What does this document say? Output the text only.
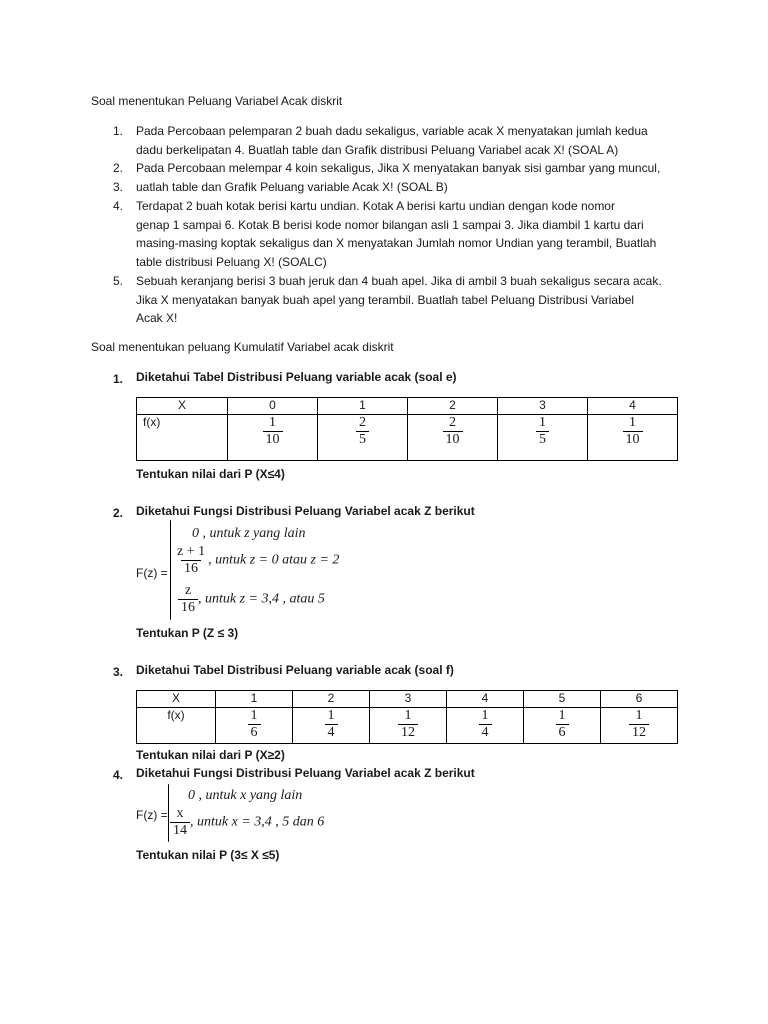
Soal menentukan Peluang Variabel Acak diskrit
1. Pada Percobaan pelemparan 2 buah dadu sekaligus, variable acak X menyatakan jumlah kedua
dadu berkelipatan 4. Buatlah table dan Grafik distribusi Peluang Variabel acak X! (SOAL A)
2. Pada Percobaan melempar 4 koin sekaligus, Jika X menyatakan banyak sisi gambar yang muncul,
3. uatlah table dan Grafik Peluang variable Acak X! (SOAL B)
4. Terdapat 2 buah kotak berisi kartu undian. Kotak A berisi kartu undian dengan kode nomor
genap 1 sampai 6. Kotak B berisi kode nomor bilangan asli 1 sampai 3. Jika diambil 1 kartu dari
masing-masing koptak sekaligus dan X menyatakan Jumlah nomor Undian yang terambil, Buatlah
table distribusi Peluang X! (SOALC)
5. Sebuah keranjang berisi 3 buah jeruk dan 4 buah apel. Jika di ambil 3 buah sekaligus secara acak.
Jika X menyatakan banyak buah apel yang terambil. Buatlah tabel Peluang Distribusi Variabel
Acak X!
Soal menentukan peluang Kumulatif Variabel acak diskrit
1. Diketahui Tabel Distribusi Peluang variable acak (soal e)
X	0	1	2	3	4
f(x)	$\frac{1}{10}$	$\frac{2}{5}$	$\frac{2}{10}$	$\frac{1}{5}$	$\frac{1}{10}$
Tentukan nilai dari P (X≤4)
2. Diketahui Fungsi Distribusi Peluang Variabel acak Z berikut
F(z) =
0 , untuk z yang lain
$\frac{z + 1}{16}$ , untuk z = 0 atau z = 2
$\frac{z}{16}$ , untuk z = 3,4 , atau 5
Tentukan P (Z ≤ 3)
3. Diketahui Tabel Distribusi Peluang variable acak (soal f)
X	1	2	3	4	5	6
f(x)	$\frac{1}{6}$	$\frac{1}{4}$	$\frac{1}{12}$	$\frac{1}{4}$	$\frac{1}{6}$	$\frac{1}{12}$
Tentukan nilai dari P (X≥2)
4. Diketahui Fungsi Distribusi Peluang Variabel acak Z berikut
F(z) =
0 , untuk x yang lain
$\frac{x}{14}$ , untuk x = 3,4 , 5 dan 6
Tentukan nilai P (3≤ X ≤5)
